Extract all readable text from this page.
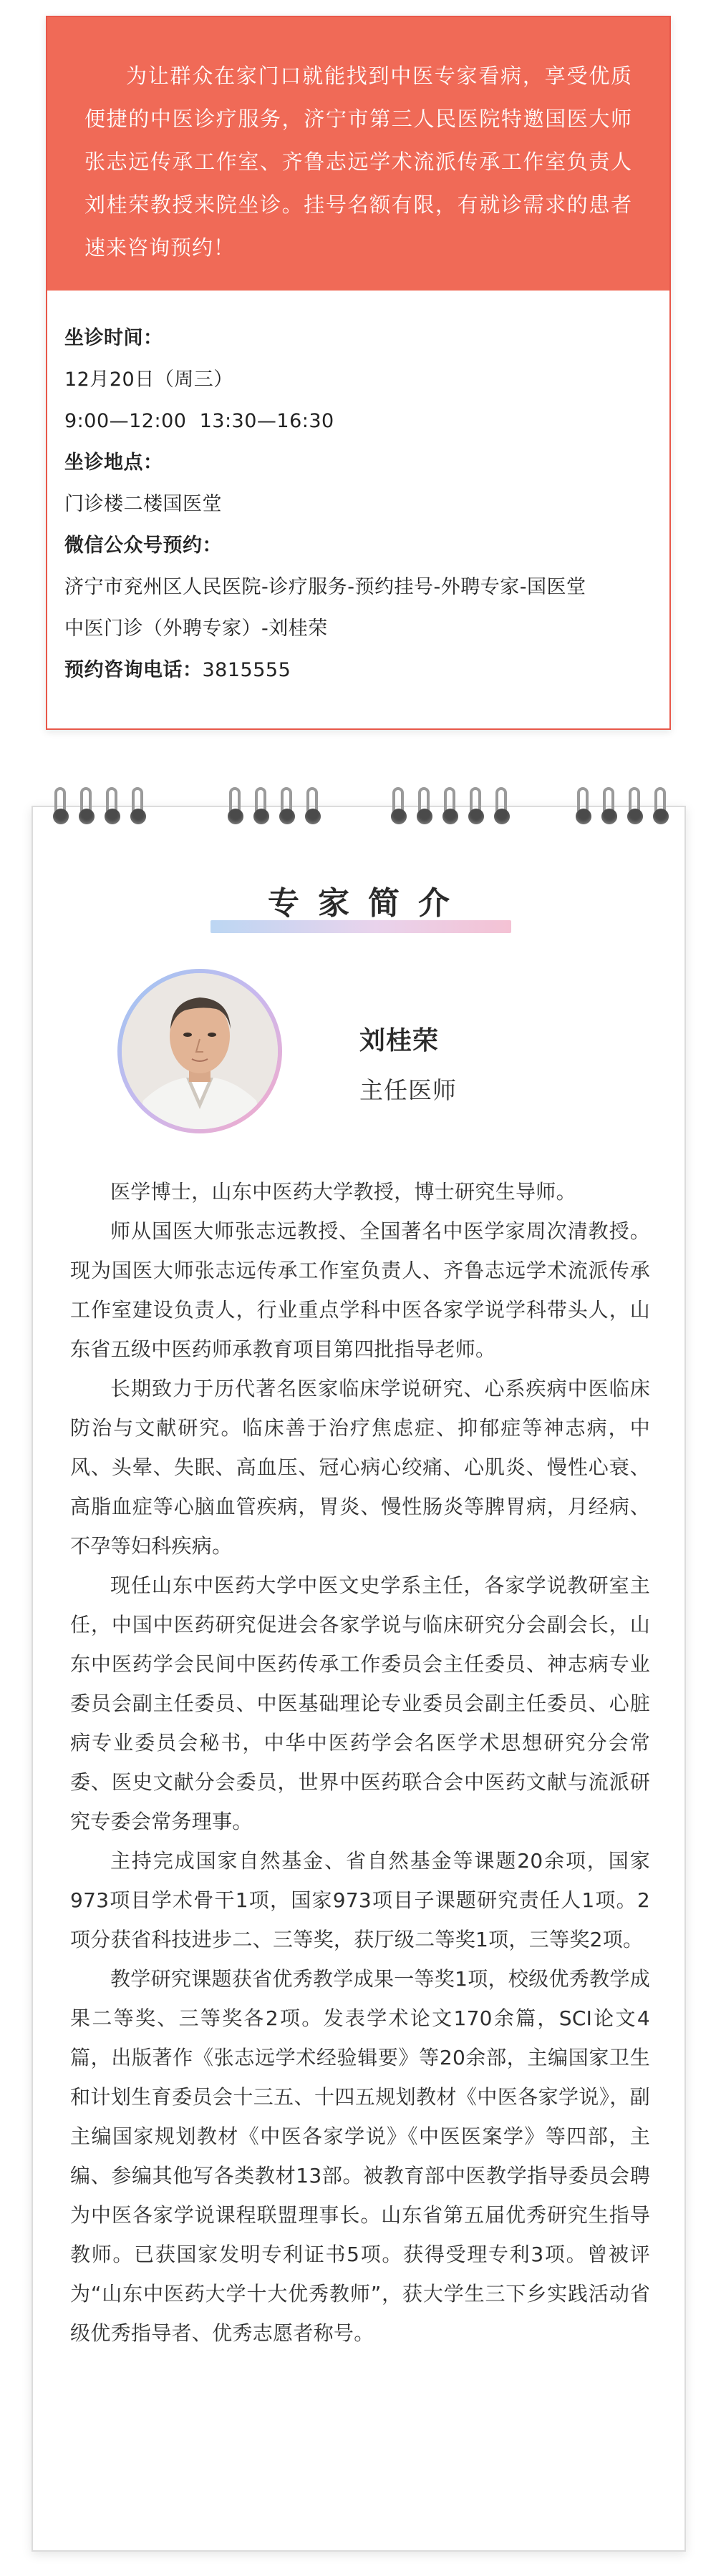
为让群众在家门口就能找到中医专家看病，享受优质便捷的中医诊疗服务，济宁市第三人民医院特邀国医大师张志远传承工作室、齐鲁志远学术流派传承工作室负责人刘桂荣教授来院坐诊。挂号名额有限，有就诊需求的患者速来咨询预约！

坐诊时间：
12月20日（周三）
9:00—12:00  13:30—16:30
坐诊地点：
门诊楼二楼国医堂
微信公众号预约：
济宁市兖州区人民医院-诊疗服务-预约挂号-外聘专家-国医堂
中医门诊（外聘专家）-刘桂荣
预约咨询电话：3815555
专家简介
刘桂荣
主任医师

医学博士，山东中医药大学教授，博士研究生导师。

师从国医大师张志远教授、全国著名中医学家周次清教授。现为国医大师张志远传承工作室负责人、齐鲁志远学术流派传承工作室建设负责人，行业重点学科中医各家学说学科带头人，山东省五级中医药师承教育项目第四批指导老师。

长期致力于历代著名医家临床学说研究、心系疾病中医临床防治与文献研究。临床善于治疗焦虑症、抑郁症等神志病，中风、头晕、失眠、高血压、冠心病心绞痛、心肌炎、慢性心衰、高脂血症等心脑血管疾病，胃炎、慢性肠炎等脾胃病，月经病、不孕等妇科疾病。

现任山东中医药大学中医文史学系主任，各家学说教研室主任，中国中医药研究促进会各家学说与临床研究分会副会长，山东中医药学会民间中医药传承工作委员会主任委员、神志病专业委员会副主任委员、中医基础理论专业委员会副主任委员、心脏病专业委员会秘书，中华中医药学会名医学术思想研究分会常委、医史文献分会委员，世界中医药联合会中医药文献与流派研究专委会常务理事。

主持完成国家自然基金、省自然基金等课题20余项，国家973项目学术骨干1项，国家973项目子课题研究责任人1项。2项分获省科技进步二、三等奖，获厅级二等奖1项，三等奖2项。

教学研究课题获省优秀教学成果一等奖1项，校级优秀教学成果二等奖、三等奖各2项。发表学术论文170余篇，SCI论文4篇，出版著作《张志远学术经验辑要》等20余部，主编国家卫生和计划生育委员会十三五、十四五规划教材《中医各家学说》，副主编国家规划教材《中医各家学说》《中医医案学》等四部，主编、参编其他写各类教材13部。被教育部中医教学指导委员会聘为中医各家学说课程联盟理事长。山东省第五届优秀研究生指导教师。已获国家发明专利证书5项。获得受理专利3项。曾被评为“山东中医药大学十大优秀教师”，获大学生三下乡实践活动省级优秀指导者、优秀志愿者称号。
